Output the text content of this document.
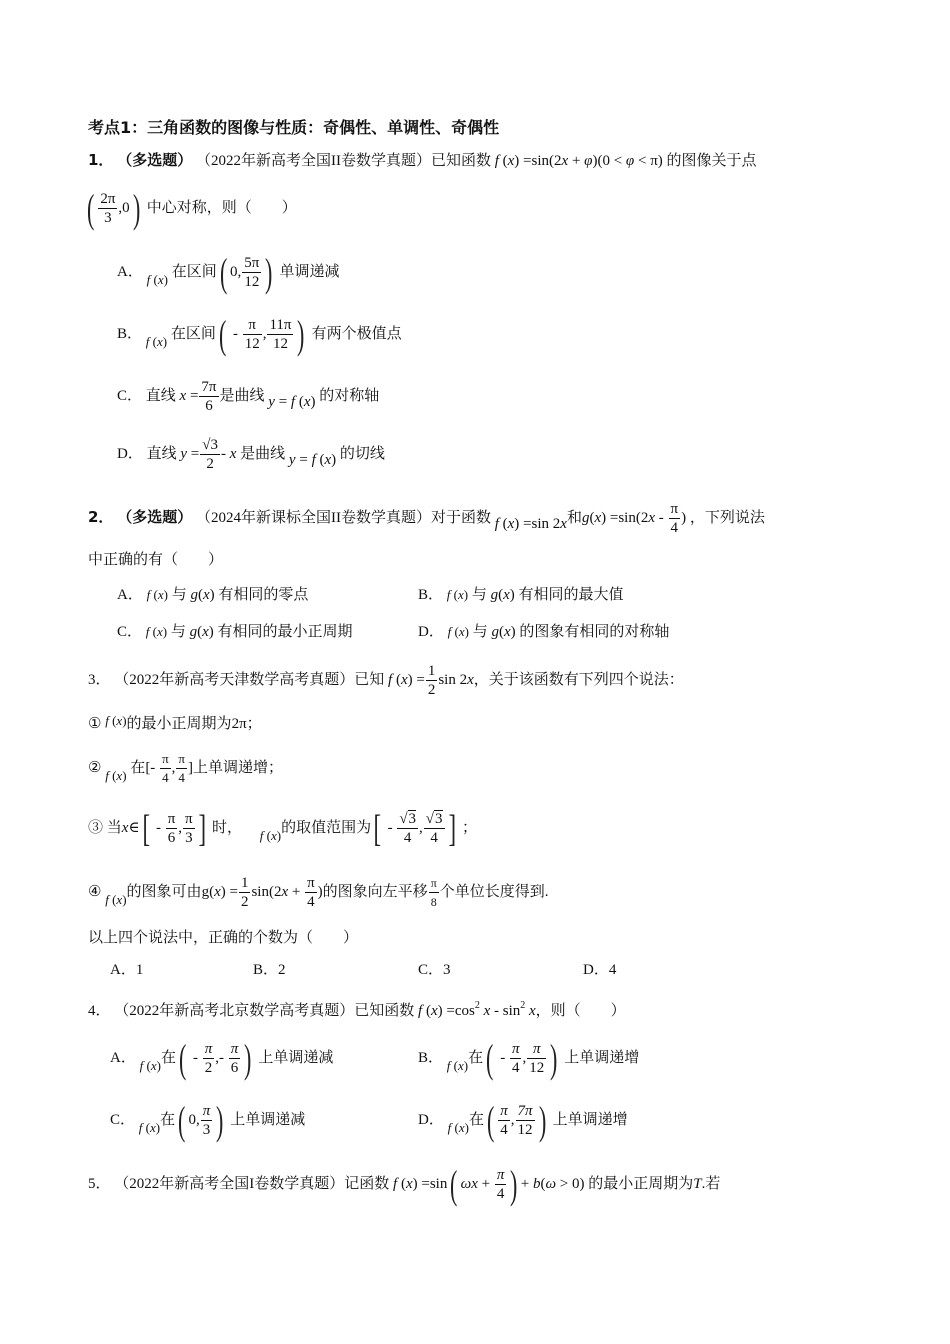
考点1：三角函数的图像与性质：奇偶性、单调性、奇偶性
1． （多选题） （2022年新高考全国II卷数学真题）已知函数 f (x) =sin(2x + φ)(0 < φ < π) 的图像关于点
( $\frac{2\pi}{3} ,0$) 中心对称，则（　　）
A． f (x) 在区间( 0, $\frac{5\pi}{12}$ ) 单调递减
B． f (x) 在区间( - $\frac{\pi}{12}$ , $\frac{11\pi}{12}$ ) 有两个极值点
C． 直线 $x = \frac{7\pi}{6}$ 是曲线 y = f (x) 的对称轴
D． 直线 $y = \frac{√3}{2} - x$ 是曲线 y = f (x) 的切线
2． （多选题） （2024年新课标全国II卷数学真题）对于函数 f (x) =sin 2x和$g(x) =\sin(2x - \frac{\pi}{4}$ ) ，下列说法
中正确的有（　　）
A． f (x) 与 g(x) 有相同的零点	B． f (x) 与 g(x) 有相同的最大值
C． f (x) 与 g(x) 有相同的最小正周期	D． f (x) 与 g(x) 的图象有相同的对称轴
3． （2022年新高考天津数学高考真题）已知 f $(x) = \frac{1}{2}$ sin 2x，关于该函数有下列四个说法：
① f (x)的最小正周期为2π；
② f (x) 在[- $\frac{\pi}{4}$ , $\frac{\pi}{4}$ ]上单调递增；
③ 当x∈[ - $\frac{\pi}{6}$ , $\frac{\pi}{3}$ ] 时， f (x)的取值范围为[ - $\frac{√3}{4}$ , $\frac{√3}{4}$ ] ；
④ f (x)的图象可由$g(x) = \frac{1}{2} \sin(2x + \frac{\pi}{4}$ )的图象向左平移 $\frac{\pi}{8}$ 个单位长度得到.
以上四个说法中，正确的个数为（　　）
A．1	B．2	C．3	D．4
4． （2022年新高考北京数学高考真题）已知函数 f $(x) =\cos^2$ x - $\sin^2 x$，则（　　）
A． f (x)在( - $\frac{\pi}{2}$ ,- $\frac{\pi}{6}$ ) 上单调递减	B． f (x)在( - $\frac{\pi}{4}$ , $\frac{\pi}{12}$ ) 上单调递增
C． f (x)在( 0, $\frac{\pi}{3}$ ) 上单调递减	D． f (x)在( $\frac{\pi}{4}$ , $\frac{7\pi}{12}$ ) 上单调递增
5． （2022年新高考全国I卷数学真题）记函数 f (x) =sin( $\omega x + \frac{\pi}{4}$ ) + b(ω > 0) 的最小正周期为T.若
